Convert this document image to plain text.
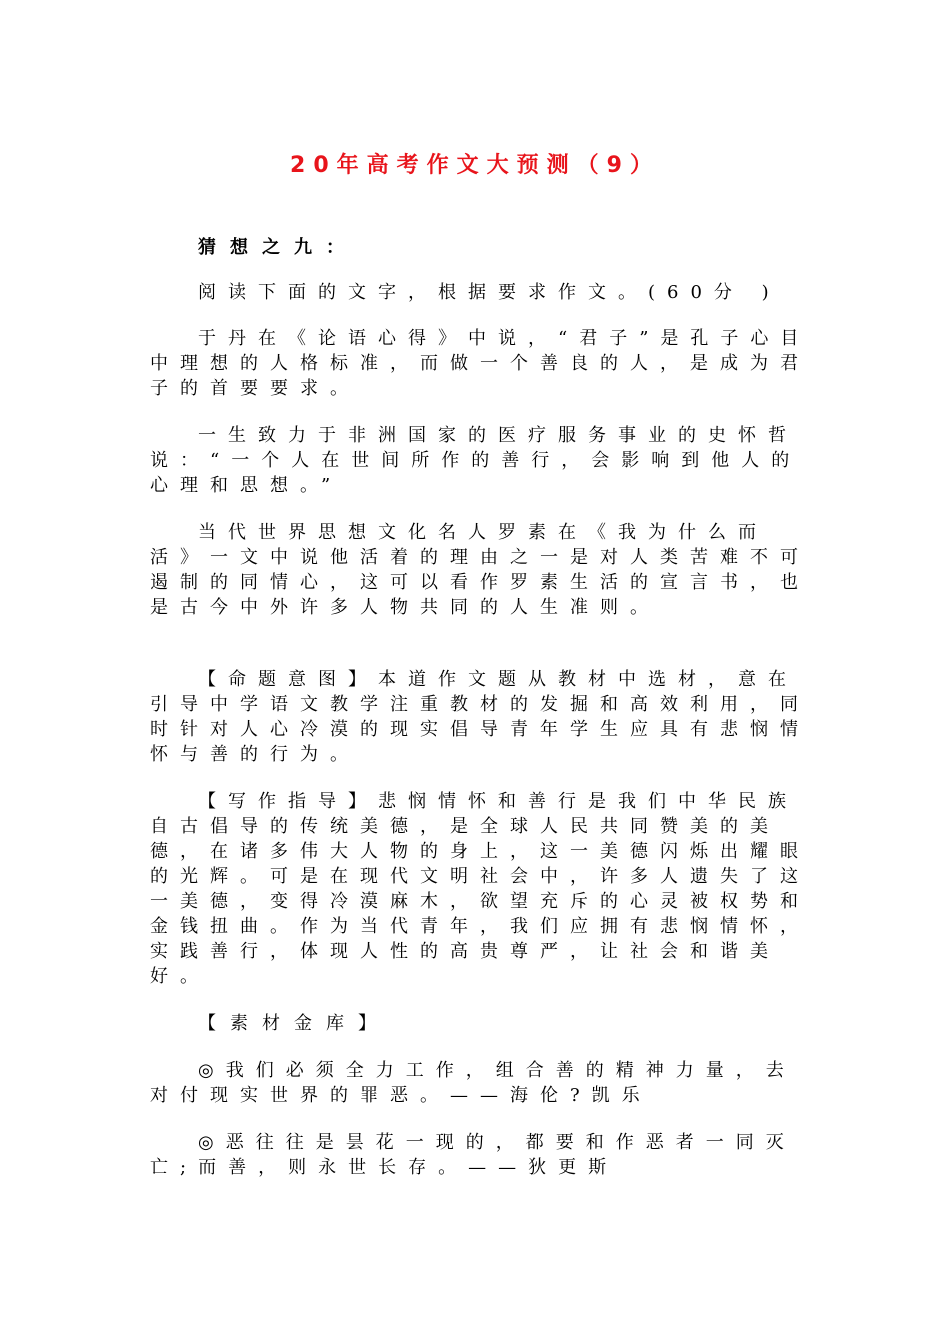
20年高考作文大预测（9）

猜想之九：

阅读下面的文字，根据要求作文。(60分 )

于丹在《论语心得》中说，“君子”是孔子心目中理想的人格标准，而做一个善良的人，是成为君子的首要要求。

一生致力于非洲国家的医疗服务事业的史怀哲说：“一个人在世间所作的善行，会影响到他人的心理和思想。”

当代世界思想文化名人罗素在《我为什么而活》一文中说他活着的理由之一是对人类苦难不可遏制的同情心，这可以看作罗素生活的宣言书，也是古今中外许多人物共同的人生准则。

【命题意图】本道作文题从教材中选材，意在引导中学语文教学注重教材的发掘和高效利用，同时针对人心冷漠的现实倡导青年学生应具有悲悯情怀与善的行为。

【写作指导】悲悯情怀和善行是我们中华民族自古倡导的传统美德，是全球人民共同赞美的美德，在诸多伟大人物的身上，这一美德闪烁出耀眼的光辉。可是在现代文明社会中，许多人遗失了这一美德，变得冷漠麻木，欲望充斥的心灵被权势和金钱扭曲。作为当代青年，我们应拥有悲悯情怀，实践善行，体现人性的高贵尊严，让社会和谐美好。

【素材金库】

◎我们必须全力工作，组合善的精神力量，去对付现实世界的罪恶。——海伦?凯乐

◎恶往往是昙花一现的，都要和作恶者一同灭亡;而善，则永世长存。——狄更斯
